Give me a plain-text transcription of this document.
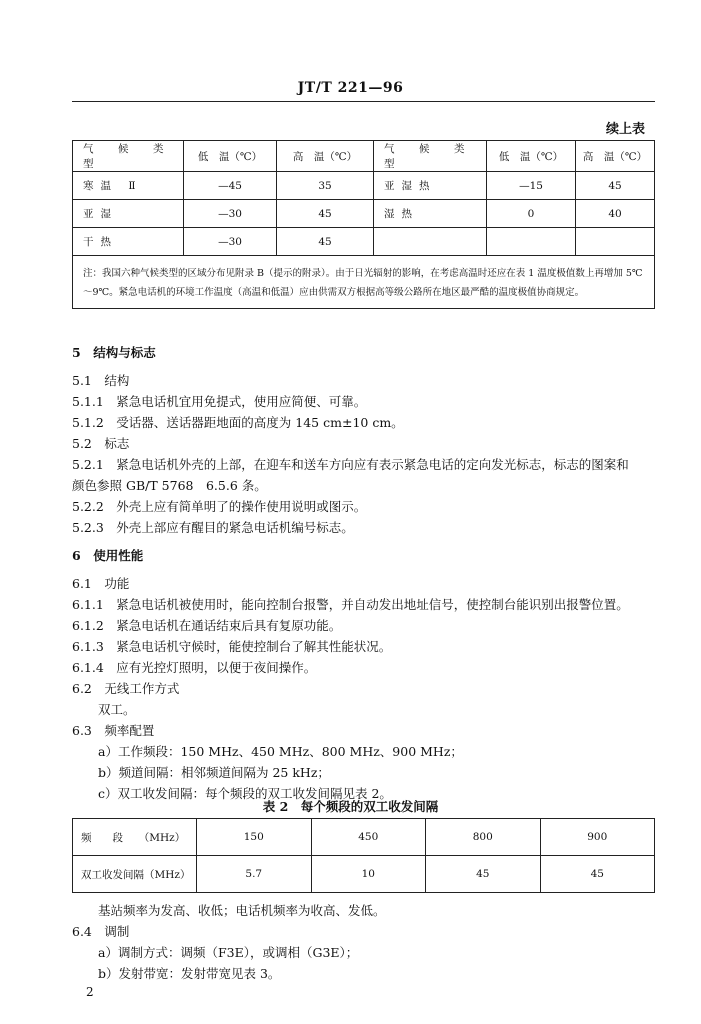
JT/T 221—96
续上表
气　候　类　型	低　温（℃）	高　温（℃）	气　候　类　型	低　温（℃）	高　温（℃）
寒温 Ⅱ	—45	35	亚湿热	—15	45
亚湿	—30	45	湿热	0	40
干热	—30	45			
注：我国六种气候类型的区域分布见附录 B（提示的附录）。由于日光辐射的影响，在考虑高温时还应在表 1 温度极值数上再增加 5℃～9℃。紧急电话机的环境工作温度（高温和低温）应由供需双方根据高等级公路所在地区最严酷的温度极值协商规定。					
5　结构与标志
5.1　结构
5.1.1　紧急电话机宜用免提式，使用应简便、可靠。
5.1.2　受话器、送话器距地面的高度为 145 cm±10 cm。
5.2　标志
5.2.1　紧急电话机外壳的上部，在迎车和送车方向应有表示紧急电话的定向发光标志，标志的图案和
颜色参照 GB/T 5768　6.5.6 条。
5.2.2　外壳上应有简单明了的操作使用说明或图示。
5.2.3　外壳上部应有醒目的紧急电话机编号标志。
6　使用性能
6.1　功能
6.1.1　紧急电话机被使用时，能向控制台报警，并自动发出地址信号，使控制台能识别出报警位置。
6.1.2　紧急电话机在通话结束后具有复原功能。
6.1.3　紧急电话机守候时，能使控制台了解其性能状况。
6.1.4　应有光控灯照明，以便于夜间操作。
6.2　无线工作方式
双工。
6.3　频率配置
a）工作频段：150 MHz、450 MHz、800 MHz、900 MHz；
b）频道间隔：相邻频道间隔为 25 kHz；
c）双工收发间隔：每个频段的双工收发间隔见表 2。
表 2　每个频段的双工收发间隔
频　　段　　（MHz）	150	450	800	900
双工收发间隔（MHz）	5.7	10	45	45
基站频率为发高、收低；电话机频率为收高、发低。
6.4　调制
a）调制方式：调频（F3E），或调相（G3E）；
b）发射带宽：发射带宽见表 3。
2
